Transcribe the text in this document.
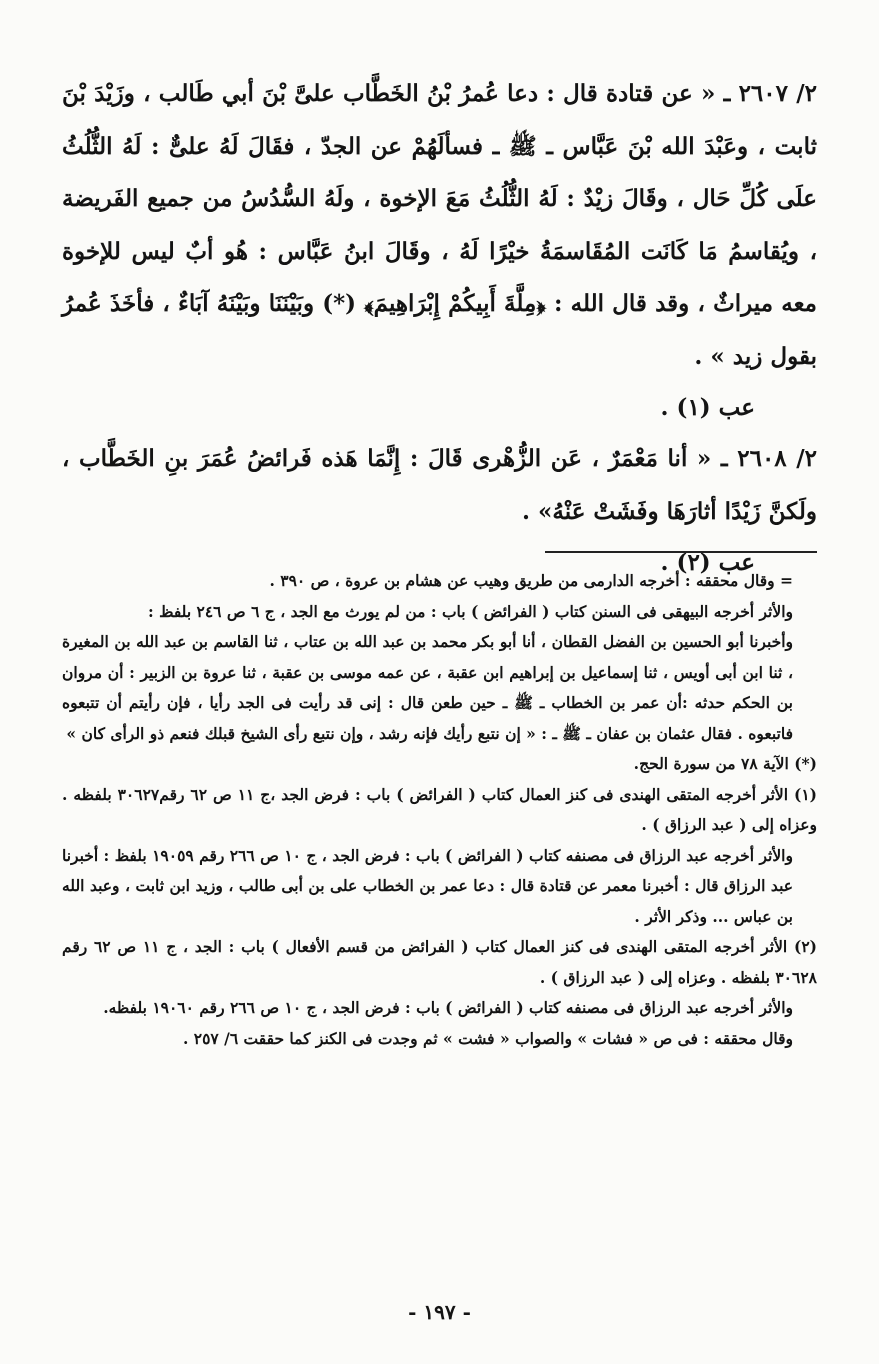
٢/ ٢٦٠٧ ـ « عن قتادة قال : دعا عُمرُ بْنُ الخَطَّاب علىَّ بْنَ أبي طَالب ، وزَيْدَ بْنَ ثابت ، وعَبْدَ الله بْنَ عَبَّاس ـ ﷺ ـ فسألَهُمْ عن الجدّ ، فقَالَ لَهُ علىٌّ : لَهُ الثُّلُثُ علَى كُلِّ حَال ، وقَالَ زيْدٌ : لَهُ الثُّلُثُ مَعَ الإخوة ، ولَهُ السُّدُسُ من جميع الفَريضة ، ويُقاسمُ مَا كَانَت المُقَاسمَةُ خيْرًا لَهُ ، وقَالَ ابنُ عَبَّاس : هُو أبٌ ليس للإخوة معه ميراثٌ ، وقد قال الله : ﴿مِلَّةَ أَبِيكُمْ إِبْرَاهِيمَ﴾ (*) وبَيْنَنَا وبَيْنَهُ آبَاءٌ ، فأخَذَ عُمرُ بقول زيد » .

عب (١) .

٢/ ٢٦٠٨ ـ « أنا مَعْمَرٌ ، عَن الزُّهْرى قَالَ : إِنَّمَا هَذه فَرائضُ عُمَرَ بنِ الخَطَّاب ، ولَكنَّ زَيْدًا أثارَهَا وفَشَتْ عَنْهُ» .

عب (٢) .

= وقال محققه : أخرجه الدارمى من طريق وهيب عن هشام بن عروة ، ص ٣٩٠ .

والأثر أخرجه البيهقى فى السنن كتاب ( الفرائض ) باب : من لم يورث مع الجد ، ج ٦ ص ٢٤٦ بلفظ :

وأخبرنا أبو الحسين بن الفضل القطان ، أنا أبو بكر محمد بن عبد الله بن عتاب ، ثنا القاسم بن عبد الله بن المغيرة ، ثنا ابن أبى أويس ، ثنا إسماعيل بن إبراهيم ابن عقبة ، عن عمه موسى بن عقبة ، ثنا عروة بن الزبير : أن مروان بن الحكم حدثه :أن عمر بن الخطاب ـ ﷺ ـ حين طعن قال : إنى قد رأيت فى الجد رأيا ، فإن رأيتم أن تتبعوه فاتبعوه . فقال عثمان بن عفان ـ ﷺ ـ : « إن نتبع رأيك فإنه رشد ، وإن نتبع رأى الشيخ قبلك فنعم ذو الرأى كان »

(*) الآية ٧٨ من سورة الحج.

(١) الأثر أخرجه المتقى الهندى فى كنز العمال كتاب ( الفرائض ) باب : فرض الجد ،ج ١١ ص ٦٢ رقم٣٠٦٢٧ بلفظه . وعزاه إلى ( عبد الرزاق ) .

والأثر أخرجه عبد الرزاق فى مصنفه كتاب ( الفرائض ) باب : فرض الجد ، ج ١٠ ص ٢٦٦ رقم ١٩٠٥٩ بلفظ : أخبرنا عبد الرزاق قال : أخبرنا معمر عن قتادة قال : دعا عمر بن الخطاب على بن أبى طالب ، وزيد ابن ثابت ، وعبد الله بن عباس ... وذكر الأثر .

(٢) الأثر أخرجه المتقى الهندى فى كنز العمال كتاب ( الفرائض من قسم الأفعال ) باب : الجد ، ج ١١ ص ٦٢ رقم ٣٠٦٢٨ بلفظه . وعزاه إلى ( عبد الرزاق ) .

والأثر أخرجه عبد الرزاق فى مصنفه كتاب ( الفرائض ) باب : فرض الجد ، ج ١٠ ص ٢٦٦ رقم ١٩٠٦٠ بلفظه.

وقال محققه : فى ص « فشات » والصواب « فشت » ثم وجدت فى الكنز كما حققت ٦/ ٢٥٧ .

- ١٩٧ -
